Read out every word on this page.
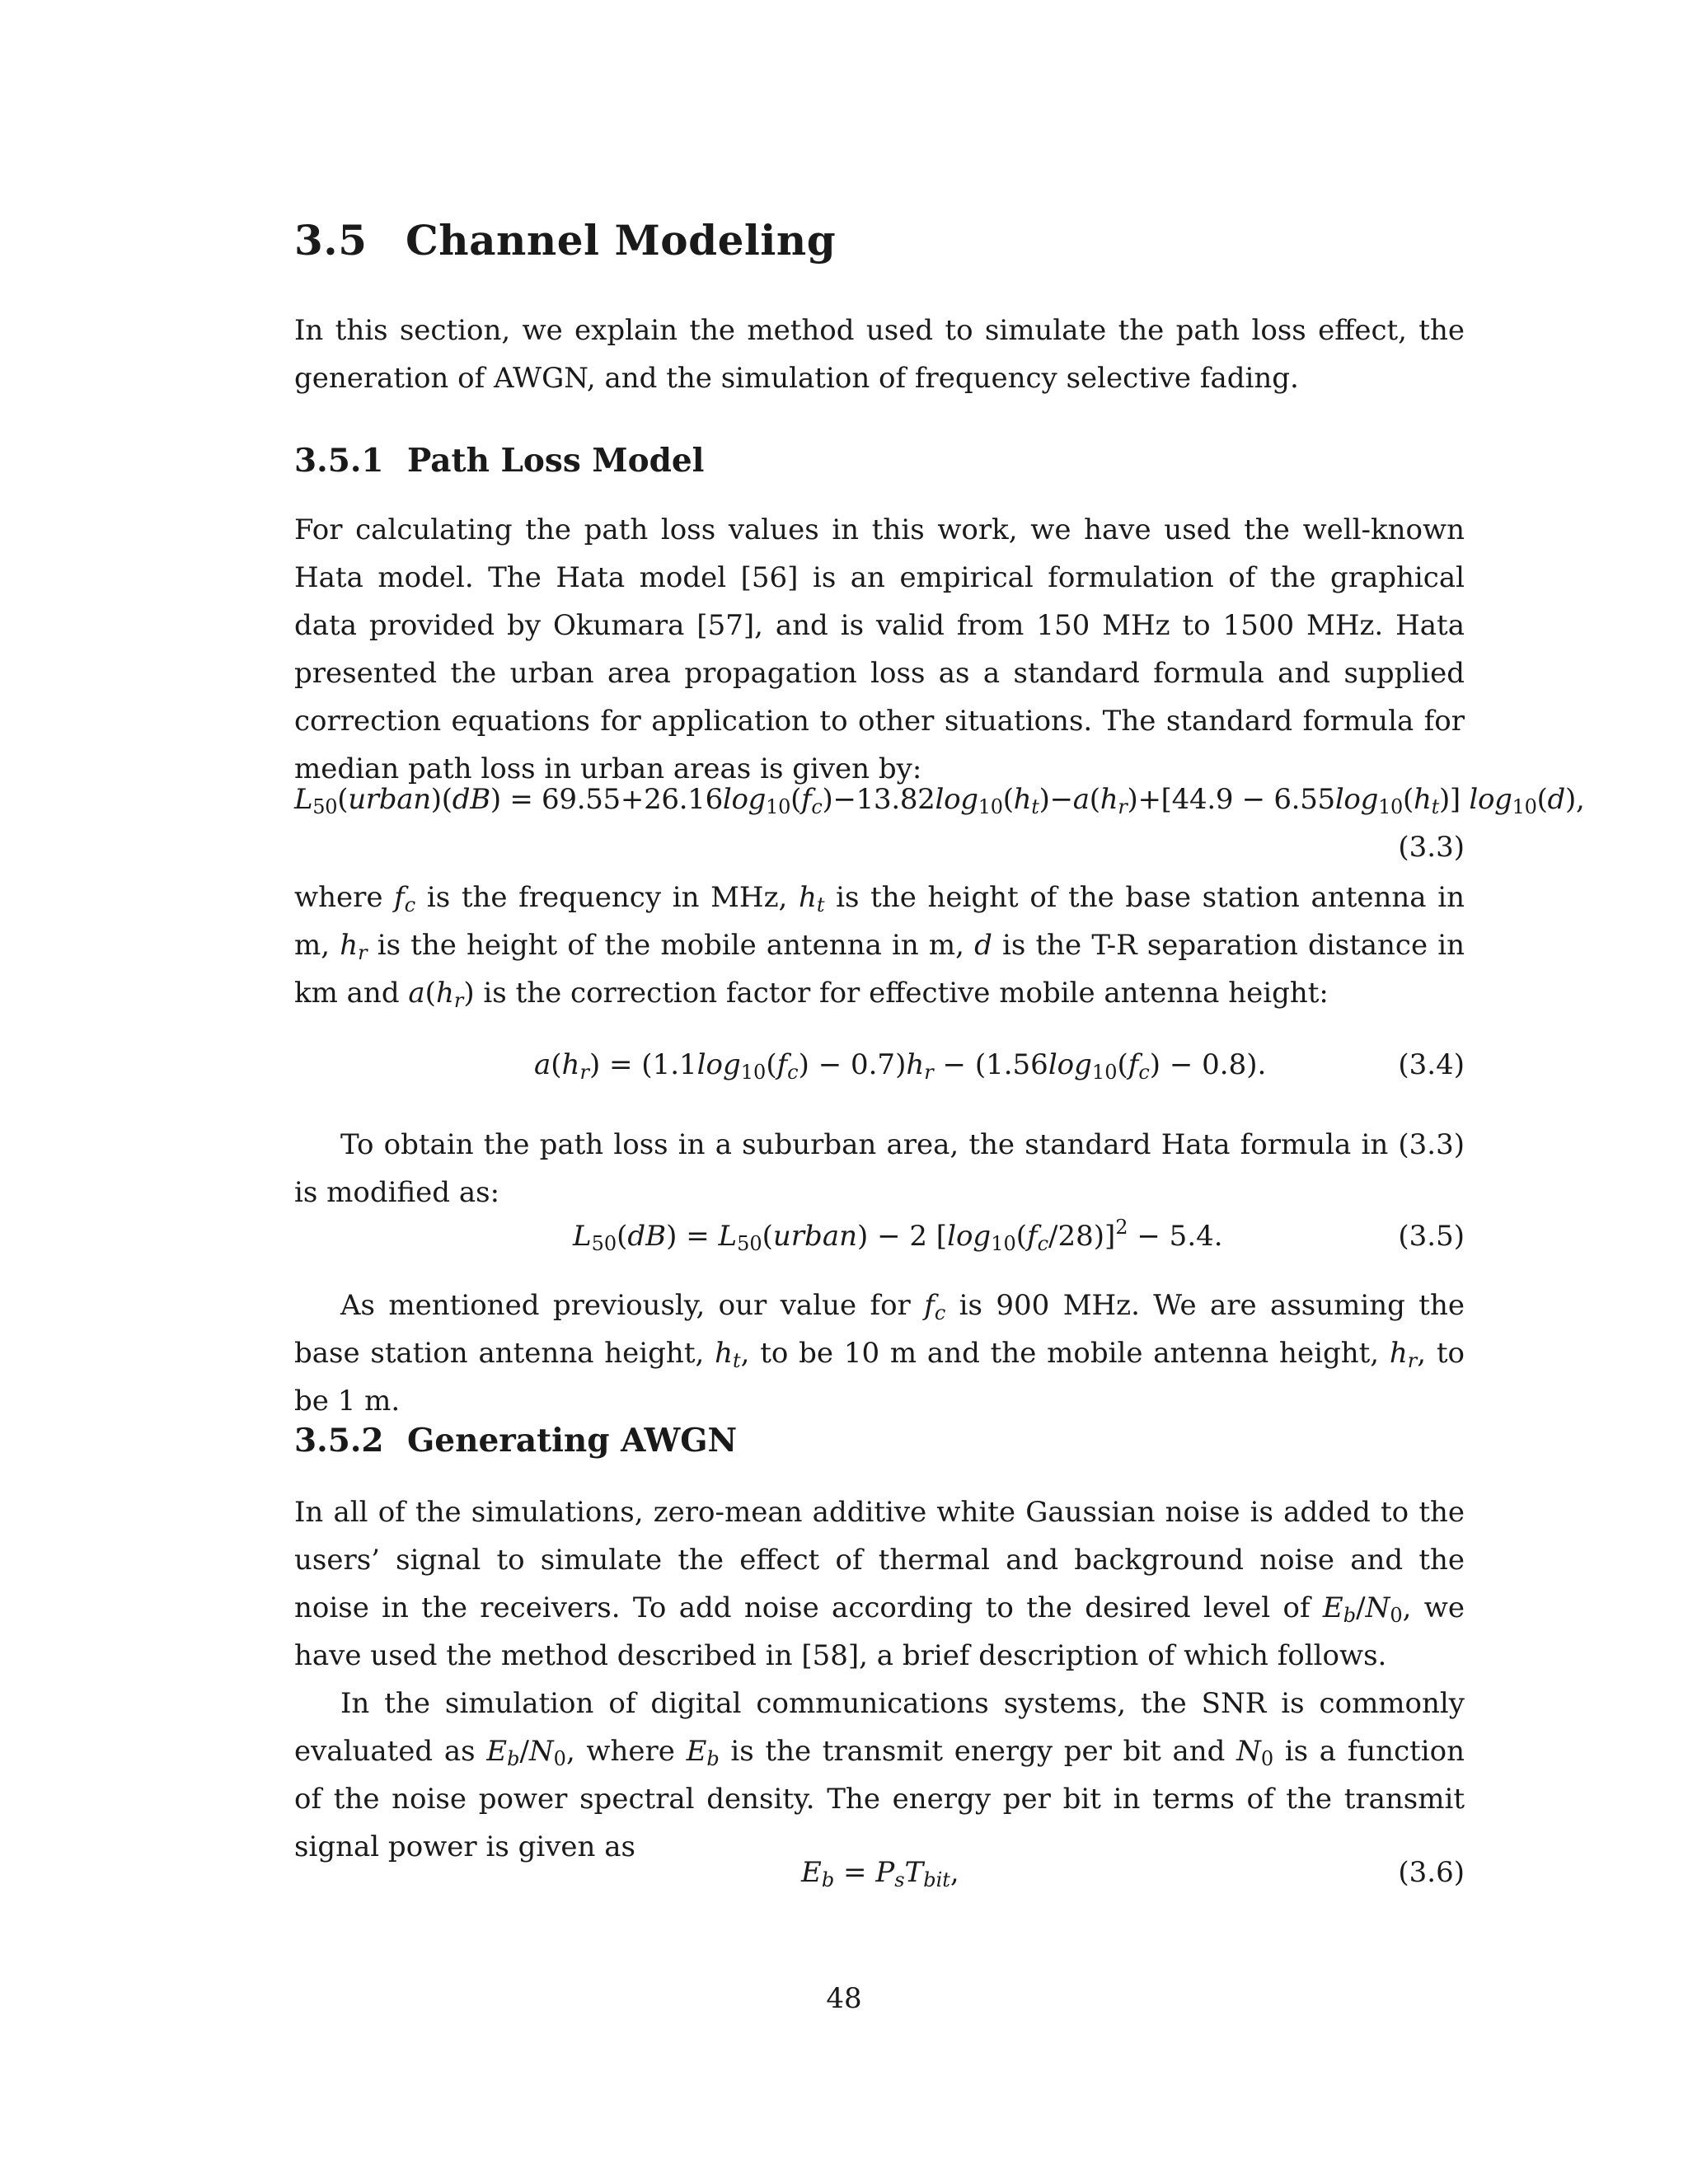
3.5 Channel Modeling

In this section, we explain the method used to simulate the path loss effect, the generation of AWGN, and the simulation of frequency selective fading.

3.5.1 Path Loss Model

For calculating the path loss values in this work, we have used the well-known Hata model. The Hata model [56] is an empirical formulation of the graphical data provided by Okumara [57], and is valid from 150 MHz to 1500 MHz. Hata presented the urban area propagation loss as a standard formula and supplied correction equations for application to other situations. The standard formula for median path loss in urban areas is given by:

$L_{50}(urban)(dB) = 69.55+26.16\log_{10}(f_c)-13.82\log_{10}(h_t)-a(h_r)+[44.9 - 6.55\log_{10}(h_t)]$ $\log_{10}(d)$,
(3.3)

where $f_c$ is the frequency in MHz, $h_t$ is the height of the base station antenna in m, $h_r$ is the height of the mobile antenna in m, d is the T-R separation distance in km and $a(h_r)$ is the correction factor for effective mobile antenna height:

$a(h_r) = (1.1\log_{10}(f_c) - 0.7)h_r - (1.56\log_{10}(f_c) - 0.8)$.	(3.4)

To obtain the path loss in a suburban area, the standard Hata formula in (3.3) is modified as:

$L_{50}(dB)$ = $L_{50}(urban) - 2$ $[\log_{10}(f_c/28)]^2 - 5.4$.	(3.5)

As mentioned previously, our value for $f_c$ is 900 MHz. We are assuming the base station antenna height, $h_t$, to be 10 m and the mobile antenna height, $h_r$, to be 1 m.

3.5.2 Generating AWGN

In all of the simulations, zero-mean additive white Gaussian noise is added to the users’ signal to simulate the effect of thermal and background noise and the noise in the receivers. To add noise according to the desired level of $E_b/N_0$, we have used the method described in [58], a brief description of which follows.

In the simulation of digital communications systems, the SNR is commonly evaluated as $E_b/N_0$, where $E_b$ is the transmit energy per bit and $N_0$ is a function of the noise power spectral density. The energy per bit in terms of the transmit signal power is given as

$E_b = P_sT_{bit}$,	(3.6)
48
